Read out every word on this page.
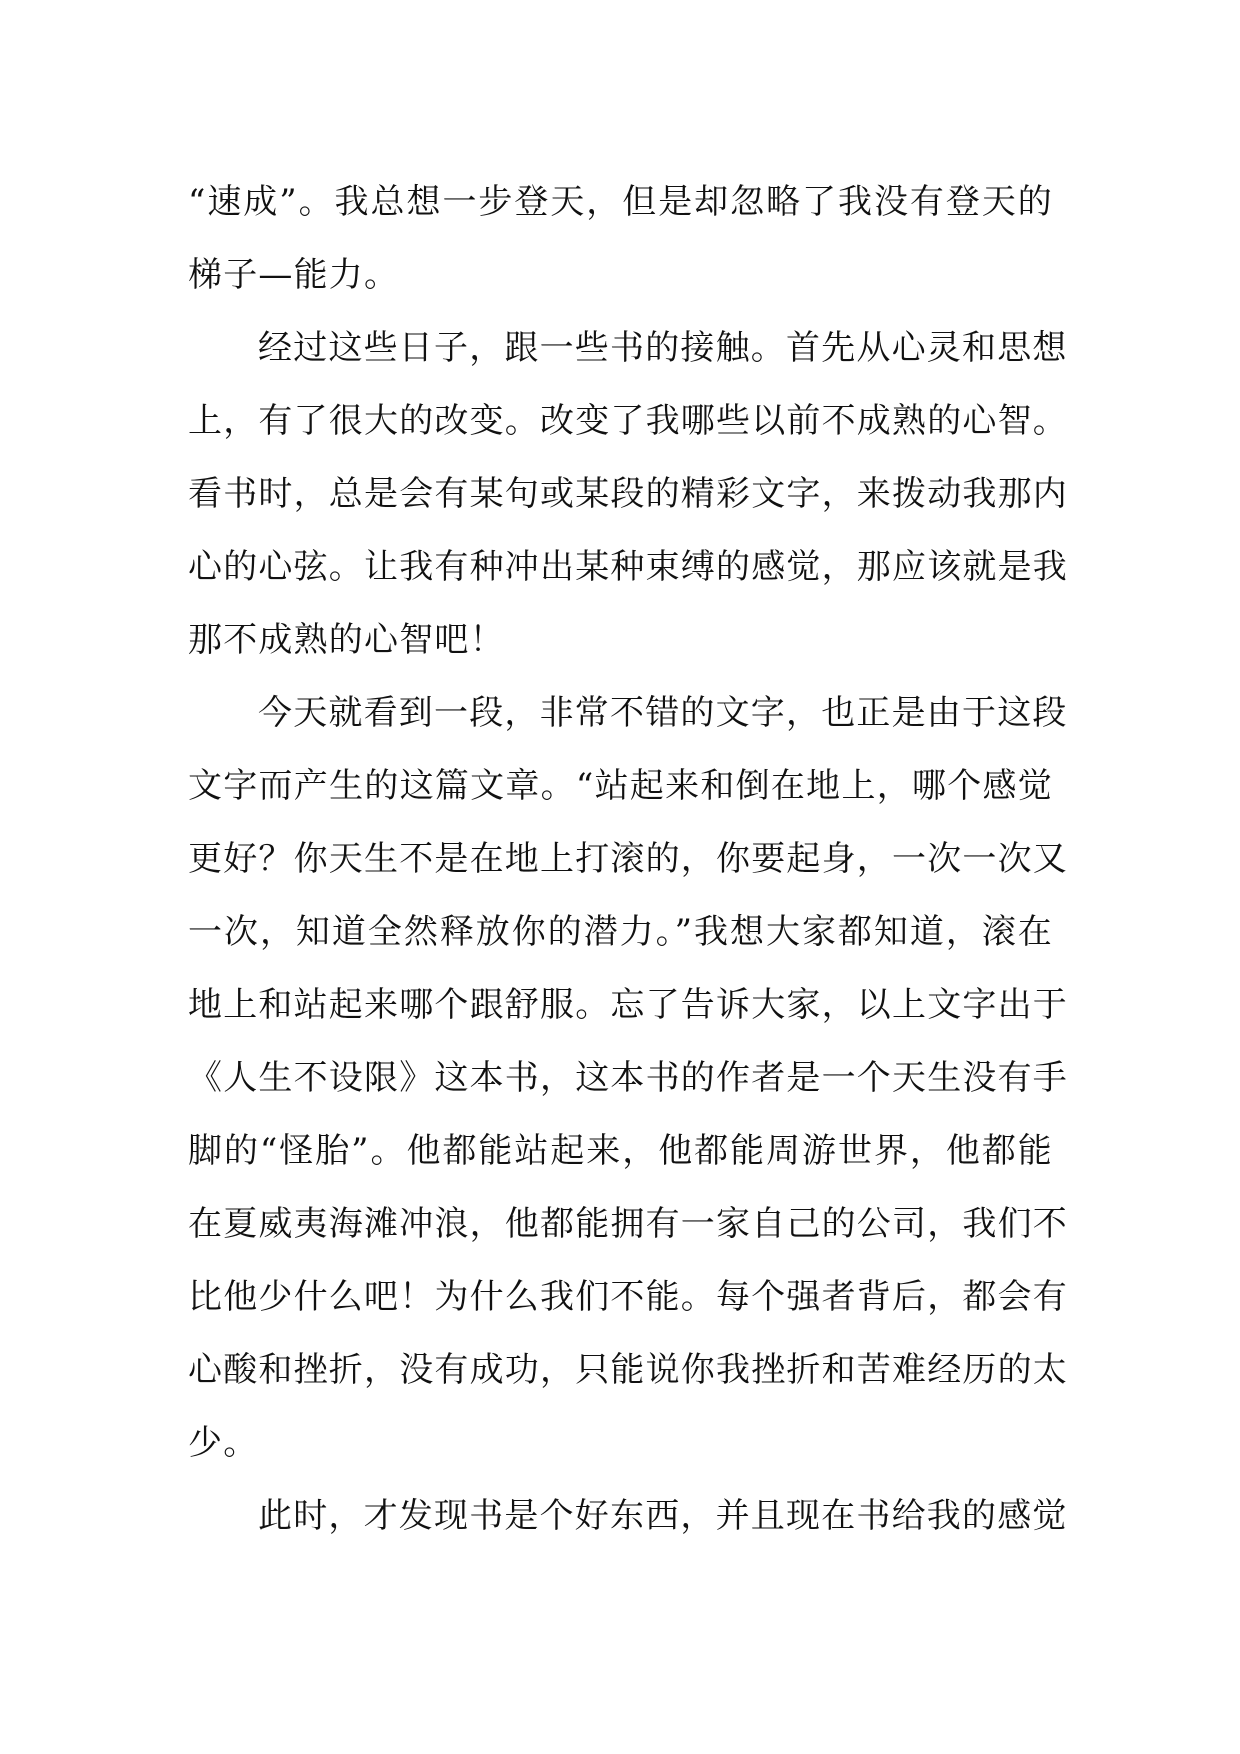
“速成”。我总想一步登天，但是却忽略了我没有登天的
梯子—能力。
经过这些日子，跟一些书的接触。首先从心灵和思想
上，有了很大的改变。改变了我哪些以前不成熟的心智。
看书时，总是会有某句或某段的精彩文字，来拨动我那内
心的心弦。让我有种冲出某种束缚的感觉，那应该就是我
那不成熟的心智吧！
今天就看到一段，非常不错的文字，也正是由于这段
文字而产生的这篇文章。“站起来和倒在地上，哪个感觉
更好？你天生不是在地上打滚的，你要起身，一次一次又
一次，知道全然释放你的潜力。”我想大家都知道，滚在
地上和站起来哪个跟舒服。忘了告诉大家，以上文字出于
《人生不设限》这本书，这本书的作者是一个天生没有手
脚的“怪胎”。他都能站起来，他都能周游世界，他都能
在夏威夷海滩冲浪，他都能拥有一家自己的公司，我们不
比他少什么吧！为什么我们不能。每个强者背后，都会有
心酸和挫折，没有成功，只能说你我挫折和苦难经历的太
少。
此时，才发现书是个好东西，并且现在书给我的感觉
